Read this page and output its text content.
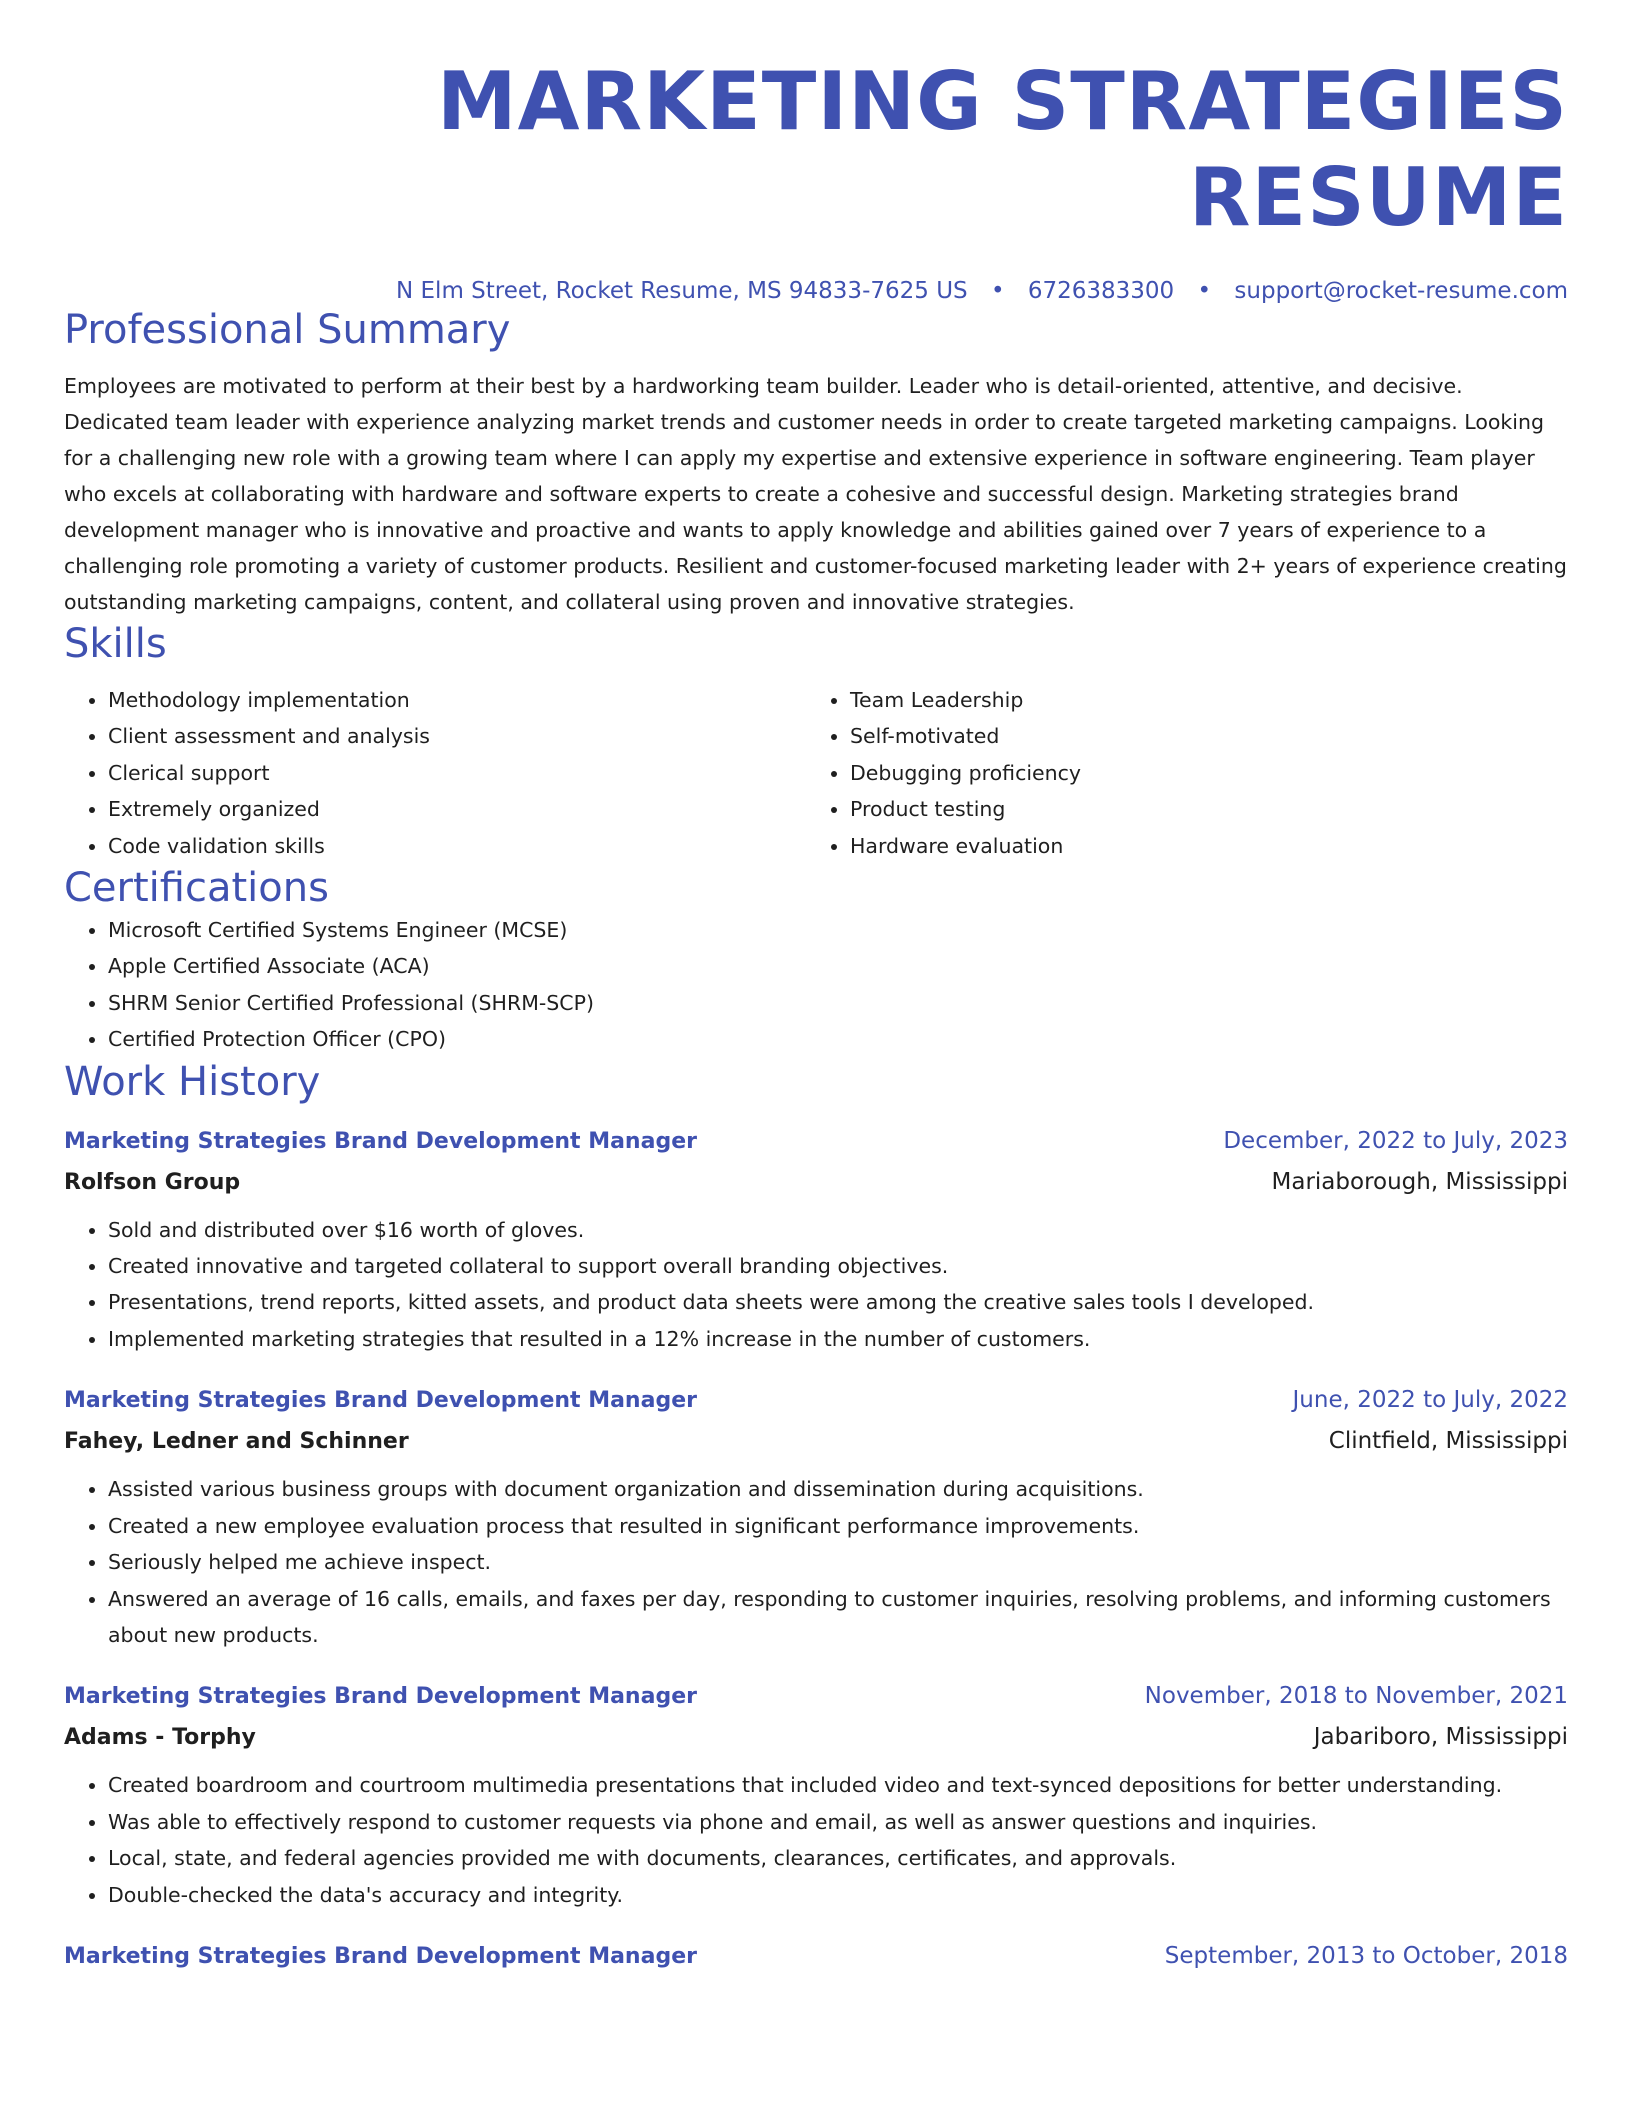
MARKETING STRATEGIES RESUME
N Elm Street, Rocket Resume, MS 94833-7625 US • 6726383300 • support@rocket-resume.com
Professional Summary
Employees are motivated to perform at their best by a hardworking team builder. Leader who is detail-oriented, attentive, and decisive. Dedicated team leader with experience analyzing market trends and customer needs in order to create targeted marketing campaigns. Looking for a challenging new role with a growing team where I can apply my expertise and extensive experience in software engineering. Team player who excels at collaborating with hardware and software experts to create a cohesive and successful design. Marketing strategies brand development manager who is innovative and proactive and wants to apply knowledge and abilities gained over 7 years of experience to a challenging role promoting a variety of customer products. Resilient and customer-focused marketing leader with 2+ years of experience creating outstanding marketing campaigns, content, and collateral using proven and innovative strategies.
Skills
• Methodology implementation
• Client assessment and analysis
• Clerical support
• Extremely organized
• Code validation skills
• Team Leadership
• Self-motivated
• Debugging proficiency
• Product testing
• Hardware evaluation
Certifications
• Microsoft Certified Systems Engineer (MCSE)
• Apple Certified Associate (ACA)
• SHRM Senior Certified Professional (SHRM-SCP)
• Certified Protection Officer (CPO)
Work History
Marketing Strategies Brand Development Manager	December, 2022 to July, 2023
Rolfson Group	Mariaborough, Mississippi
• Sold and distributed over $16 worth of gloves.
• Created innovative and targeted collateral to support overall branding objectives.
• Presentations, trend reports, kitted assets, and product data sheets were among the creative sales tools I developed.
• Implemented marketing strategies that resulted in a 12% increase in the number of customers.
Marketing Strategies Brand Development Manager	June, 2022 to July, 2022
Fahey, Ledner and Schinner	Clintfield, Mississippi
• Assisted various business groups with document organization and dissemination during acquisitions.
• Created a new employee evaluation process that resulted in significant performance improvements.
• Seriously helped me achieve inspect.
• Answered an average of 16 calls, emails, and faxes per day, responding to customer inquiries, resolving problems, and informing customers about new products.
Marketing Strategies Brand Development Manager	November, 2018 to November, 2021
Adams - Torphy	Jabariboro, Mississippi
• Created boardroom and courtroom multimedia presentations that included video and text-synced depositions for better understanding.
• Was able to effectively respond to customer requests via phone and email, as well as answer questions and inquiries.
• Local, state, and federal agencies provided me with documents, clearances, certificates, and approvals.
• Double-checked the data's accuracy and integrity.
Marketing Strategies Brand Development Manager	September, 2013 to October, 2018
